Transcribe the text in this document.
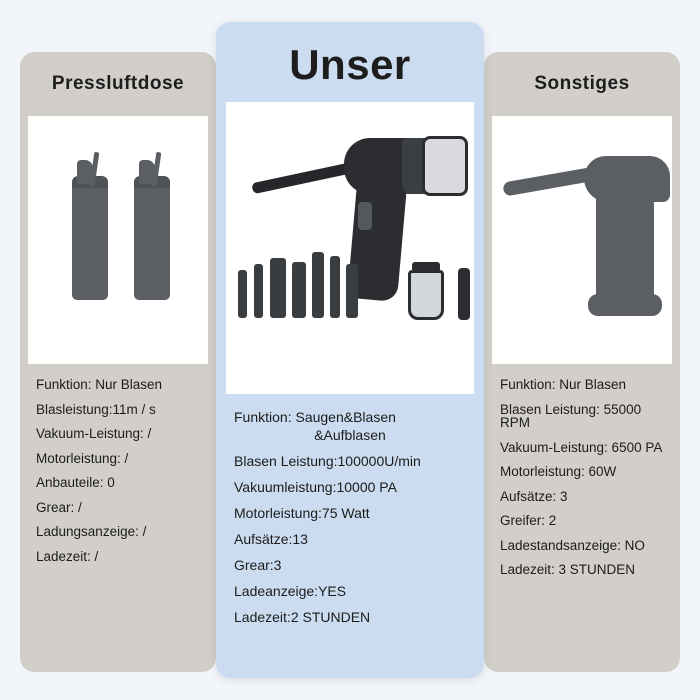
Pressluftdose
Funktion: Nur Blasen
Blasleistung:11m / s
Vakuum-Leistung: /
Motorleistung: /
Anbauteile: 0
Grear: /
Ladungsanzeige: /
Ladezeit: /
Sonstiges
Funktion: Nur Blasen
Blasen Leistung: 55000 RPM
Vakuum-Leistung: 6500 PA
Motorleistung: 60W
Aufsätze: 3
Greifer: 2
Ladestandsanzeige: NO
Ladezeit: 3 STUNDEN
Unser
Funktion: Saugen&Blasen
&Aufblasen
Blasen Leistung:100000U/min
Vakuumleistung:10000 PA
Motorleistung:75 Watt
Aufsätze:13
Grear:3
Ladeanzeige:YES
Ladezeit:2 STUNDEN
